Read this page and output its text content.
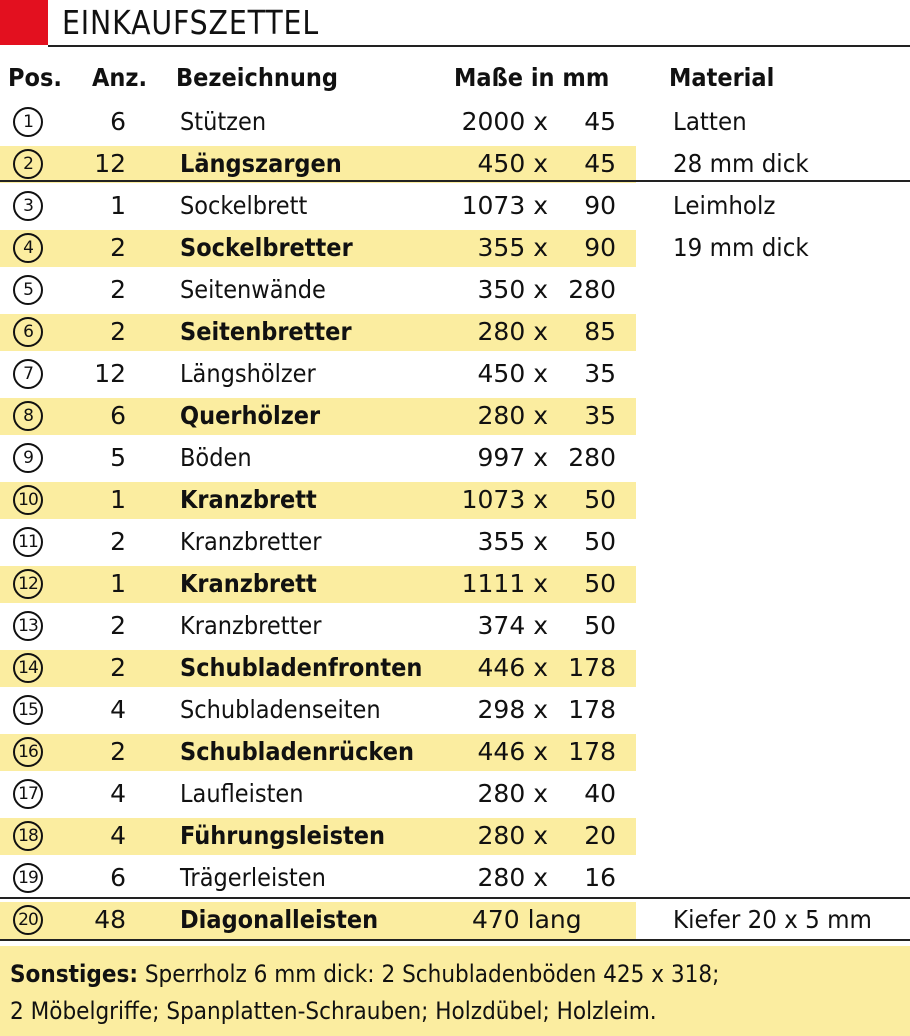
EINKAUFSZETTEL
Pos. Anz. Bezeichnung	Maße in mm Material
1	6 Stützen	2000 x	45 Latten
2	12 Längszargen	450 x	45 28 mm dick
3	1 Sockelbrett	1073 x	90 Leimholz
4	2 Sockelbretter	355 x	90 19 mm dick
5	2 Seitenwände	350 x 280
6	2 Seitenbretter	280 x	85
7	12 Längshölzer	450 x	35
8	6 Querhölzer	280 x	35
9	5 Böden	997 x 280
10	1 Kranzbrett	1073 x	50
11	2 Kranzbretter	355 x	50
12	1 Kranzbrett	1111 x	50
13	2 Kranzbretter	374 x	50
14	2 Schubladenfronten	446 x 178
15	4 Schubladenseiten	298 x 178
16	2 Schubladenrücken	446 x 178
17	4 Laufleisten	280 x	40
18	4 Führungsleisten	280 x	20
19	6 Trägerleisten	280 x	16
20	48 Diagonalleisten	470 lang	Kiefer 20 x 5 mm
Sonstiges: Sperrholz 6 mm dick: 2 Schubladenböden 425 x 318;
2 Möbelgriffe; Spanplatten-Schrauben; Holzdübel; Holzleim.
